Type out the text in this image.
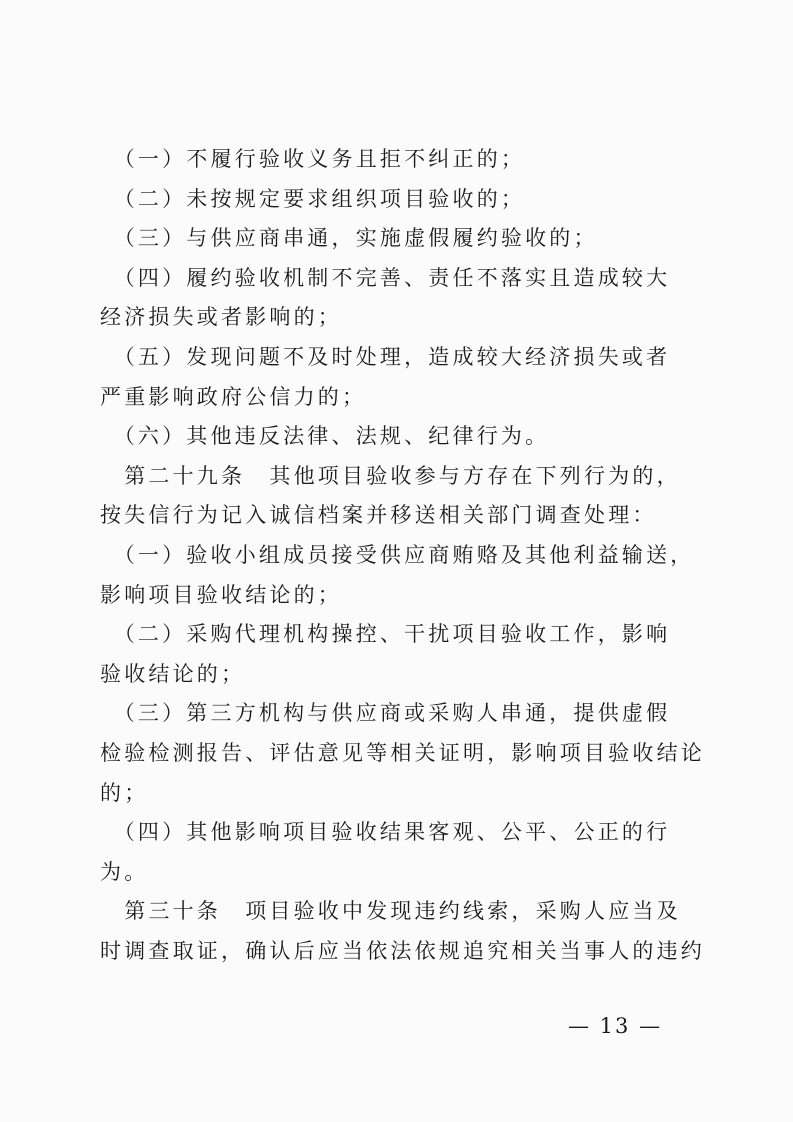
　（一）不履行验收义务且拒不纠正的；
　（二）未按规定要求组织项目验收的；
　（三）与供应商串通，实施虚假履约验收的；
　（四）履约验收机制不完善、责任不落实且造成较大
经济损失或者影响的；
　（五）发现问题不及时处理，造成较大经济损失或者
严重影响政府公信力的；
　（六）其他违反法律、法规、纪律行为。
　第二十九条　其他项目验收参与方存在下列行为的，
按失信行为记入诚信档案并移送相关部门调查处理：
　（一）验收小组成员接受供应商贿赂及其他利益输送，
影响项目验收结论的；
　（二）采购代理机构操控、干扰项目验收工作，影响
验收结论的；
　（三）第三方机构与供应商或采购人串通，提供虚假
检验检测报告、评估意见等相关证明，影响项目验收结论
的；
　（四）其他影响项目验收结果客观、公平、公正的行
为。
　第三十条　项目验收中发现违约线索，采购人应当及
时调查取证，确认后应当依法依规追究相关当事人的违约
— 13 —
